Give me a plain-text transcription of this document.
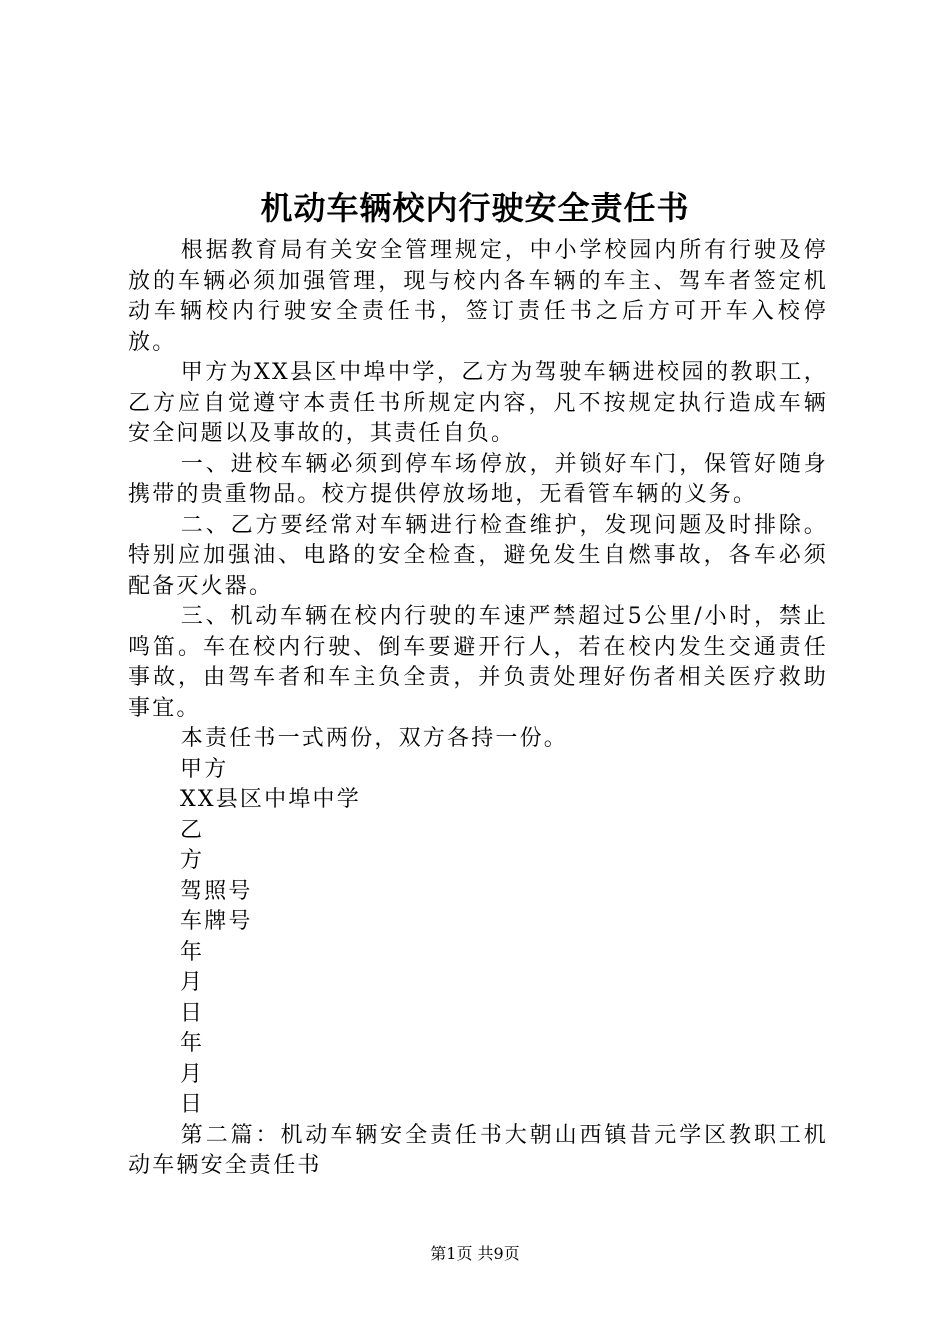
机动车辆校内行驶安全责任书

根据教育局有关安全管理规定，中小学校园内所有行驶及停放的车辆必须加强管理，现与校内各车辆的车主、驾车者签定机动车辆校内行驶安全责任书，签订责任书之后方可开车入校停放。

甲方为XX县区中埠中学，乙方为驾驶车辆进校园的教职工，乙方应自觉遵守本责任书所规定内容，凡不按规定执行造成车辆安全问题以及事故的，其责任自负。

一、进校车辆必须到停车场停放，并锁好车门，保管好随身携带的贵重物品。校方提供停放场地，无看管车辆的义务。

二、乙方要经常对车辆进行检查维护，发现问题及时排除。特别应加强油、电路的安全检查，避免发生自燃事故，各车必须配备灭火器。

三、机动车辆在校内行驶的车速严禁超过5公里/小时，禁止鸣笛。车在校内行驶、倒车要避开行人，若在校内发生交通责任事故，由驾车者和车主负全责，并负责处理好伤者相关医疗救助事宜。

本责任书一式两份，双方各持一份。

甲方

XX县区中埠中学

乙

方

驾照号

车牌号

年

月

日

年

月

日

第二篇：机动车辆安全责任书大朝山西镇昔元学区教职工机动车辆安全责任书

第1页 共9页
